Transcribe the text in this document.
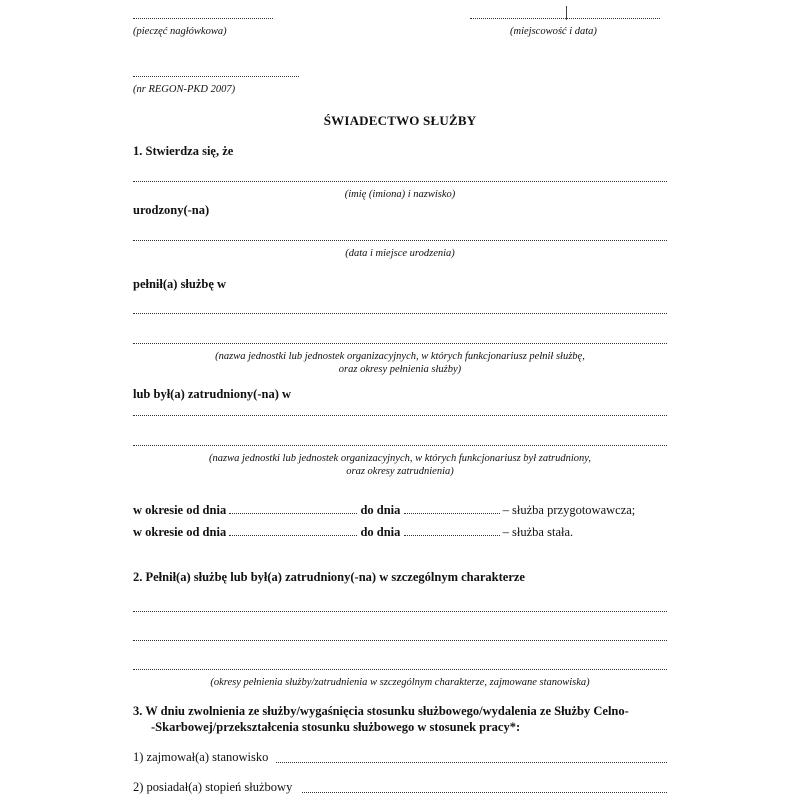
(pieczęć nagłówkowa)	(miejscowość i data)
(nr REGON-PKD 2007)
ŚWIADECTWO SŁUŻBY
1. Stwierdza się, że
(imię (imiona) i nazwisko)
urodzony(-na)
(data i miejsce urodzenia)
pełnił(a) służbę w
(nazwa jednostki lub jednostek organizacyjnych, w których funkcjonariusz pełnił służbę,
oraz okresy pełnienia służby)
lub był(a) zatrudniony(-na) w
(nazwa jednostki lub jednostek organizacyjnych, w których funkcjonariusz był zatrudniony,
oraz okresy zatrudnienia)
w okresie od dnia	do dnia	– służba przygotowawcza;
w okresie od dnia	do dnia	– służba stała.
2. Pełnił(a) służbę lub był(a) zatrudniony(-na) w szczególnym charakterze
(okresy pełnienia służby/zatrudnienia w szczególnym charakterze, zajmowane stanowiska)
3. W dniu zwolnienia ze służby/wygaśnięcia stosunku służbowego/wydalenia ze Służby Celno-
-Skarbowej/przekształcenia stosunku służbowego w stosunek pracy*:
1) zajmował(a) stanowisko
2) posiadał(a) stopień służbowy
